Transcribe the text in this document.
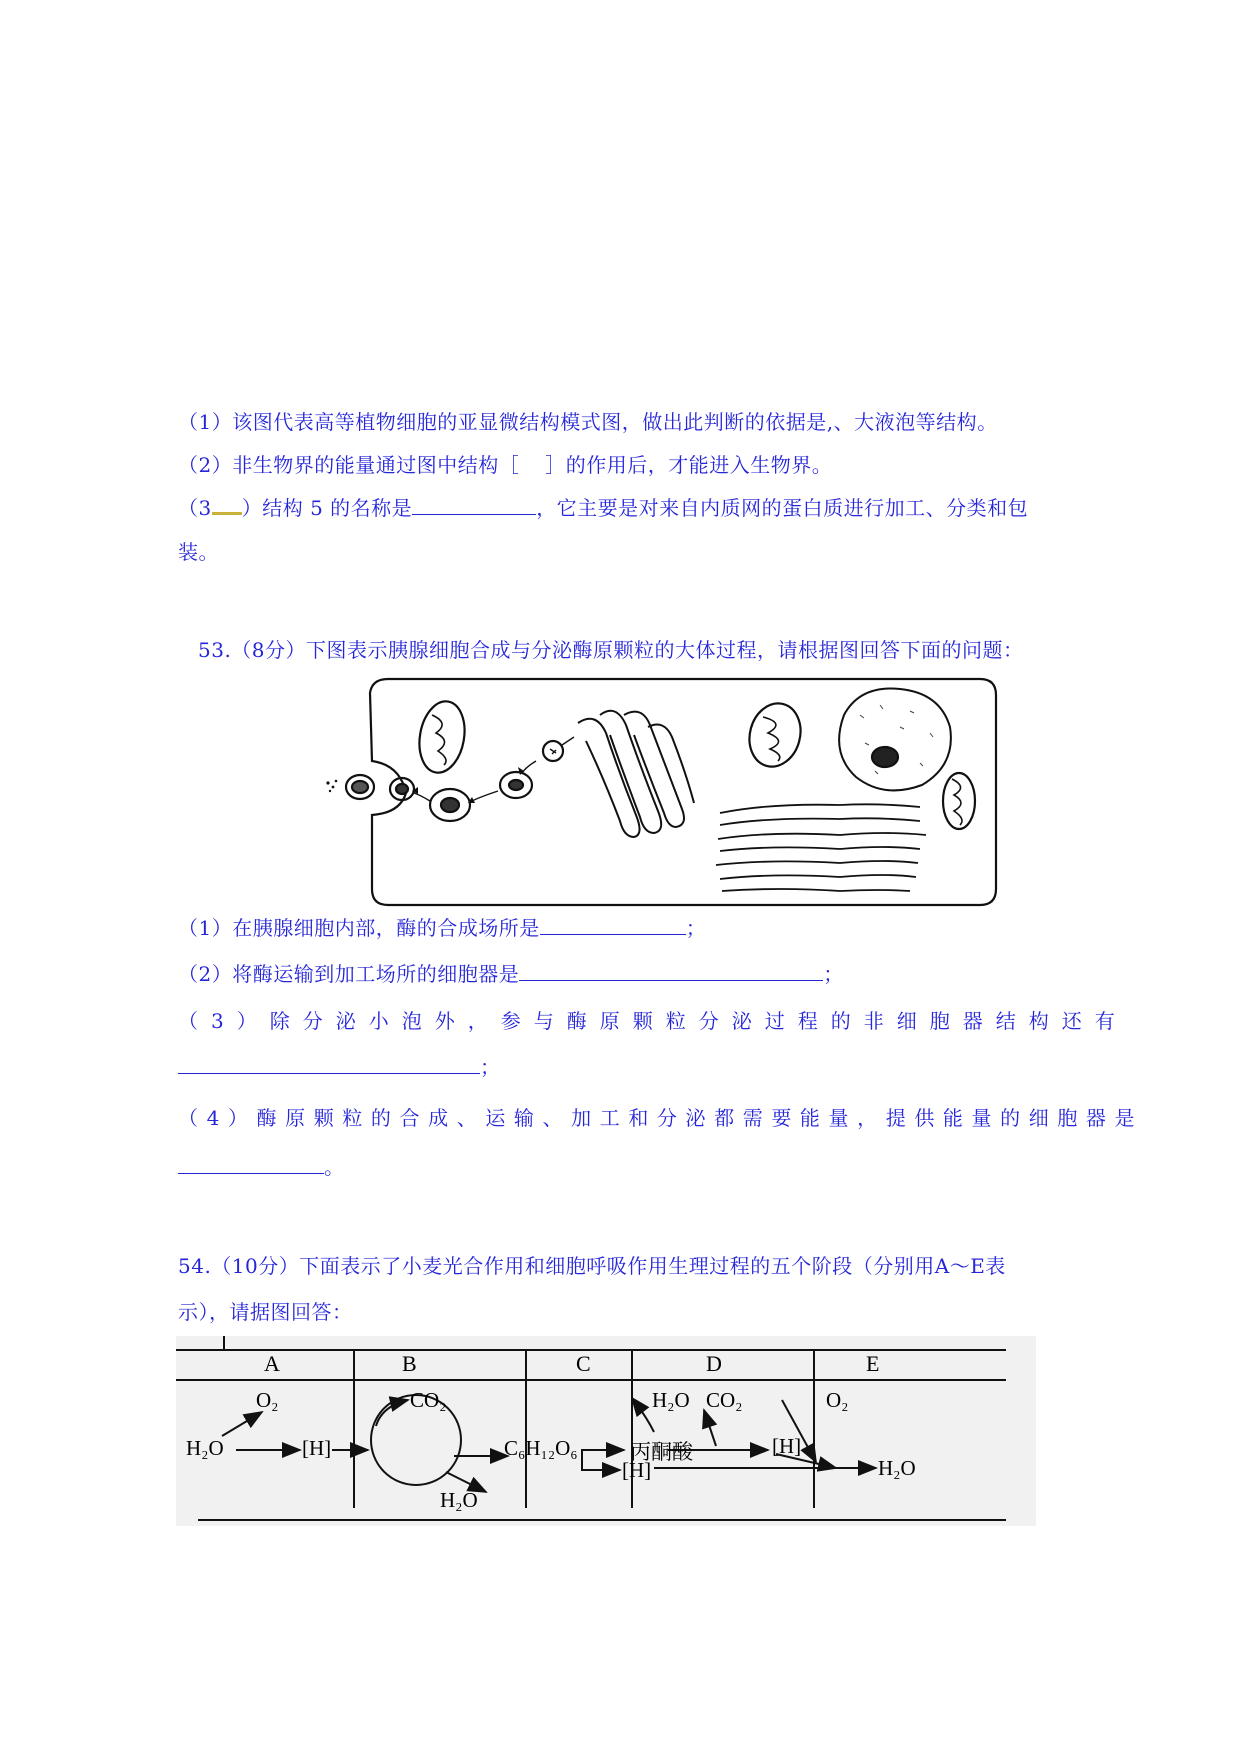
（1）该图代表高等植物细胞的亚显微结构模式图，做出此判断的依据是,、大液泡等结构。
（2）非生物界的能量通过图中结构［ ］的作用后，才能进入生物界。
（3 ）结构 5 的名称是	，它主要是对来自内质网的蛋白质进行加工、分类和包
装。
53.（8分）下图表示胰腺细胞合成与分泌酶原颗粒的大体过程，请根据图回答下面的问题：
（1）在胰腺细胞内部，酶的合成场所是	；
（2）将酶运输到加工场所的细胞器是	；
（3）除分泌小泡外，参与酶原颗粒分泌过程的非细胞器结构还有
；
（4）酶原颗粒的合成、运输、加工和分泌都需要能量，提供能量的细胞器是
。
54.（10分）下面表示了小麦光合作用和细胞呼吸作用生理过程的五个阶段（分别用A～E表
示），请据图回答：
A	B	C	D	E
H₂O	[H]
O₂	CO₂
H₂O
C₆H₁₂O₆ 丙酮酸
[H]
H₂O CO₂
[H]
O₂
H₂O
